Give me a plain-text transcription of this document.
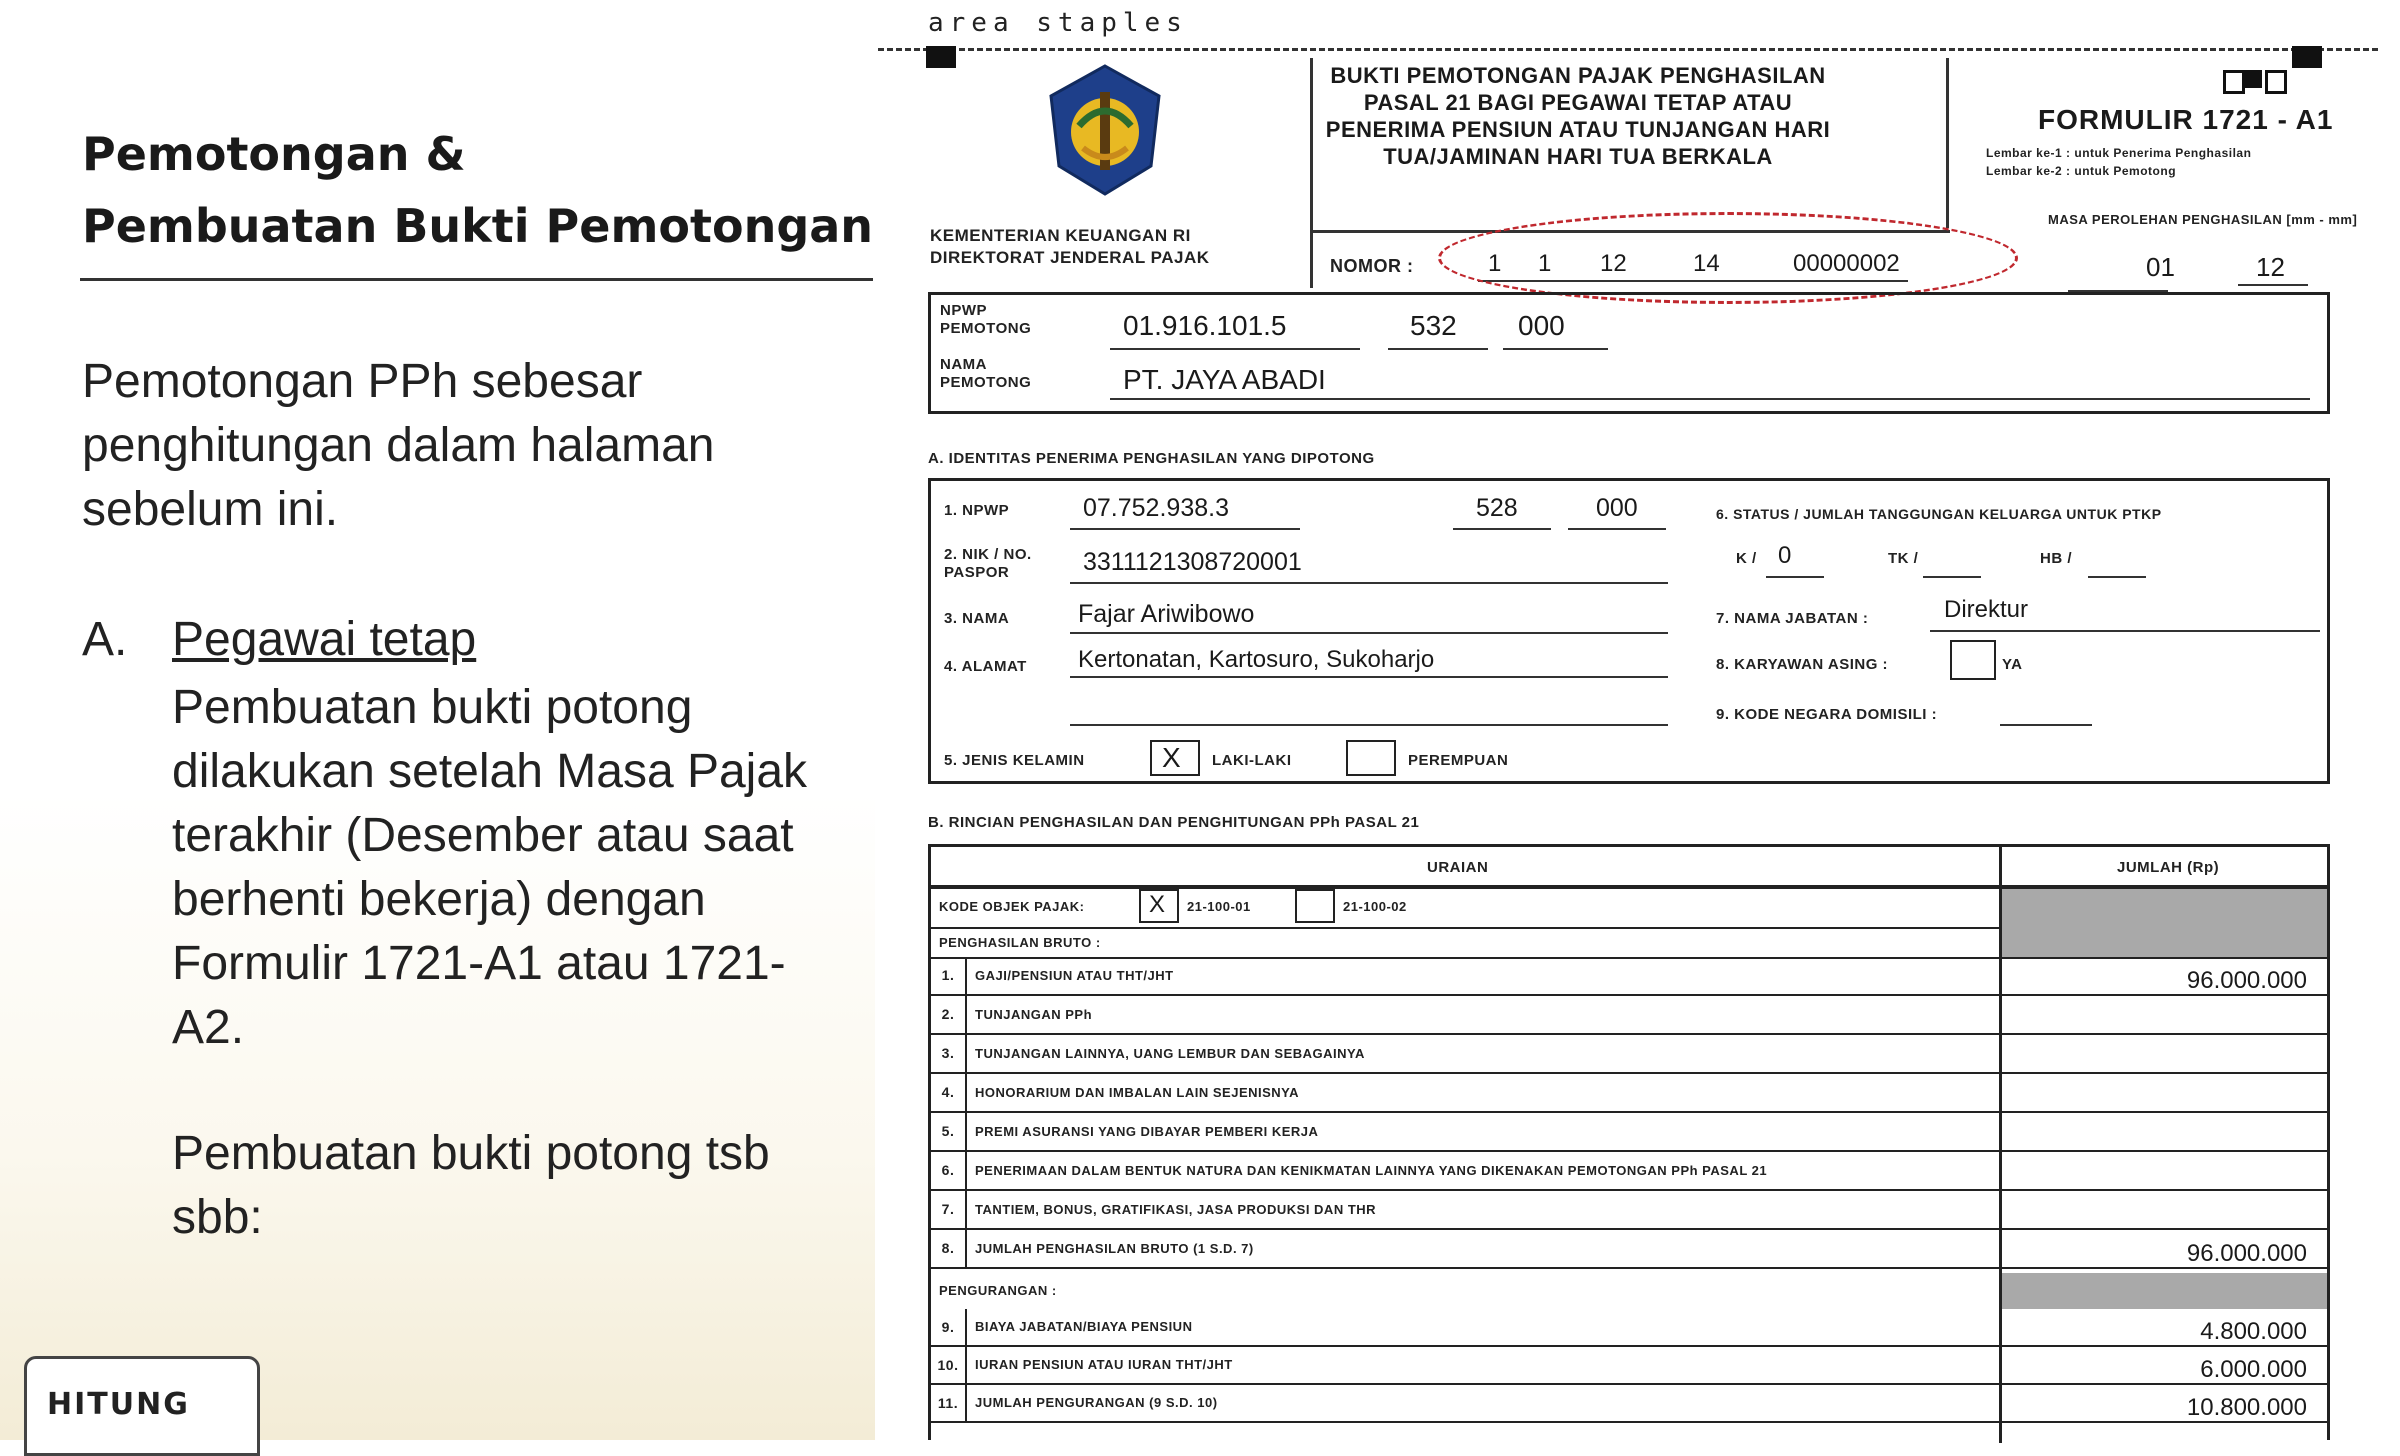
Pemotongan &
Pembuatan Bukti Pemotongan
Pemotongan PPh sebesar penghitungan dalam halaman sebelum ini.
A. Pegawai tetap
Pembuatan bukti potong dilakukan setelah Masa Pajak terakhir (Desember atau saat berhenti bekerja) dengan Formulir 1721-A1 atau 1721-A2.
Pembuatan bukti potong tsb sbb:
HITUNG
area staples
KEMENTERIAN KEUANGAN RI
DIREKTORAT JENDERAL PAJAK
BUKTI PEMOTONGAN PAJAK PENGHASILAN PASAL 21 BAGI PEGAWAI TETAP ATAU PENERIMA PENSIUN ATAU TUNJANGAN HARI TUA/JAMINAN HARI TUA BERKALA
FORMULIR 1721 - A1
Lembar ke-1 : untuk Penerima Penghasilan
Lembar ke-2 : untuk Pemotong
NOMOR :	1 1 12	14	00000002
MASA PEROLEHAN PENGHASILAN [mm - mm]
01	12
NPWP PEMOTONG	01.916.101.5	532 000
NAMA PEMOTONG	PT. JAYA ABADI
A. IDENTITAS PENERIMA PENGHASILAN YANG DIPOTONG
1. NPWP	07.752.938.3	528	000
2. NIK / NO. PASPOR	3311121308720001
3. NAMA	Fajar Ariwibowo
4. ALAMAT Kertonatan, Kartosuro, Sukoharjo
5. JENIS KELAMIN	X LAKI-LAKI	PEREMPUAN
6. STATUS / JUMLAH TANGGUNGAN KELUARGA UNTUK PTKP
K / 0	TK /	HB /
7. NAMA JABATAN :	Direktur
8. KARYAWAN ASING :	YA
9. KODE NEGARA DOMISILI :
B. RINCIAN PENGHASILAN DAN PENGHITUNGAN PPh PASAL 21
URAIAN	JUMLAH (Rp)
KODE OBJEK PAJAK:	X 21-100-01	21-100-02
PENGHASILAN BRUTO :
1.	GAJI/PENSIUN ATAU THT/JHT	96.000.000
2.	TUNJANGAN PPh
3.	TUNJANGAN LAINNYA, UANG LEMBUR DAN SEBAGAINYA
4.	HONORARIUM DAN IMBALAN LAIN SEJENISNYA
5.	PREMI ASURANSI YANG DIBAYAR PEMBERI KERJA
6.	PENERIMAAN DALAM BENTUK NATURA DAN KENIKMATAN LAINNYA YANG DIKENAKAN PEMOTONGAN PPh PASAL 21
7.	TANTIEM, BONUS, GRATIFIKASI, JASA PRODUKSI DAN THR
8.	JUMLAH PENGHASILAN BRUTO (1 S.D. 7)	96.000.000
PENGURANGAN :
9.	BIAYA JABATAN/BIAYA PENSIUN	4.800.000
10.	IURAN PENSIUN ATAU IURAN THT/JHT	6.000.000
11.	JUMLAH PENGURANGAN (9 S.D. 10)	10.800.000
